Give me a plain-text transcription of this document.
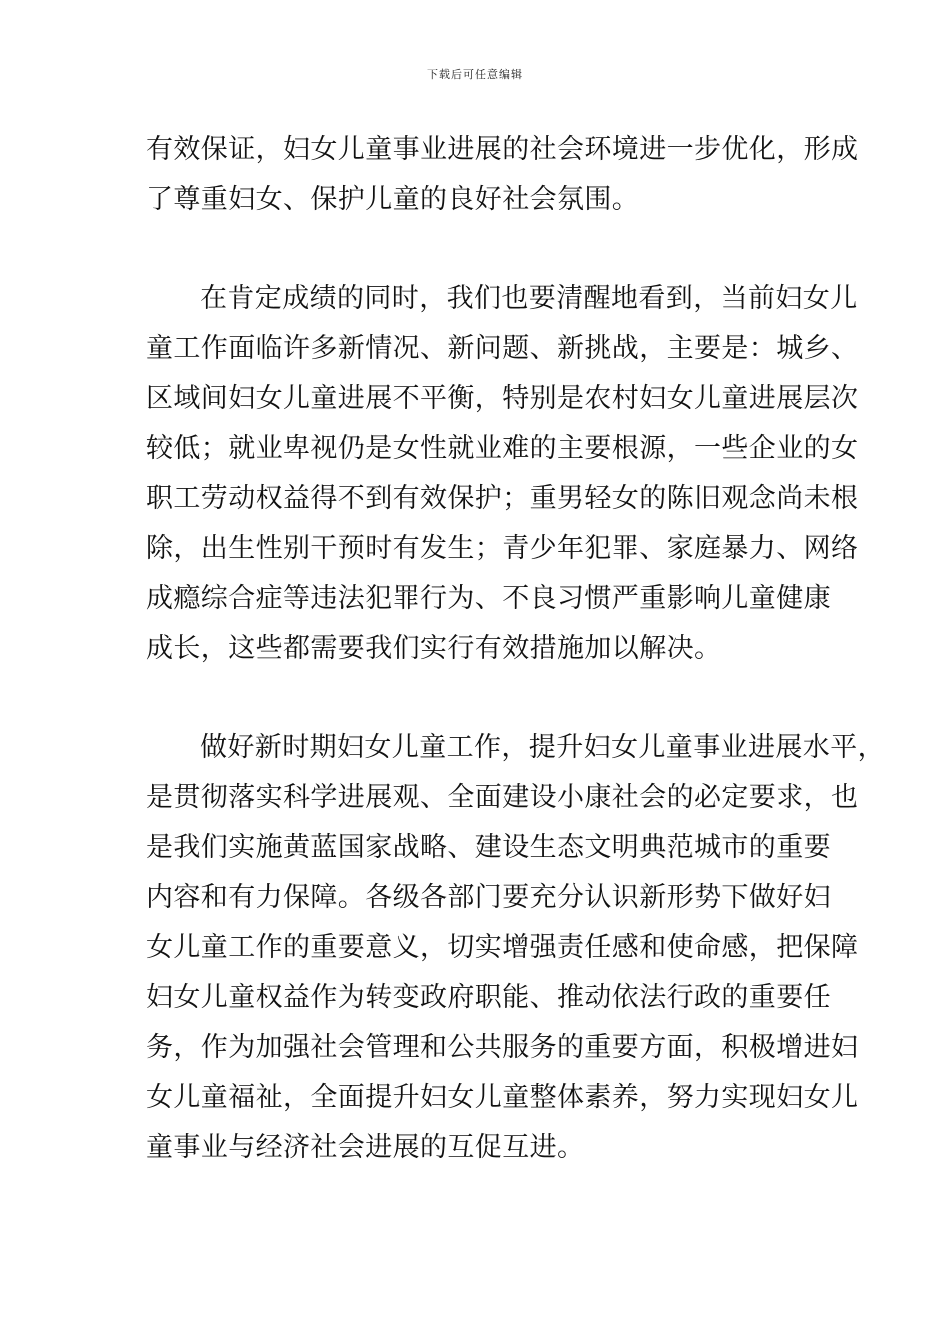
下载后可任意编辑
有效保证，妇女儿童事业进展的社会环境进一步优化，形成
了尊重妇女、保护儿童的良好社会氛围。
在肯定成绩的同时，我们也要清醒地看到，当前妇女儿
童工作面临许多新情况、新问题、新挑战，主要是：城乡、
区域间妇女儿童进展不平衡，特别是农村妇女儿童进展层次
较低；就业卑视仍是女性就业难的主要根源，一些企业的女
职工劳动权益得不到有效保护；重男轻女的陈旧观念尚未根
除，出生性别干预时有发生；青少年犯罪、家庭暴力、网络
成瘾综合症等违法犯罪行为、不良习惯严重影响儿童健康
成长，这些都需要我们实行有效措施加以解决。
做好新时期妇女儿童工作，提升妇女儿童事业进展水平，
是贯彻落实科学进展观、全面建设小康社会的必定要求，也
是我们实施黄蓝国家战略、建设生态文明典范城市的重要
内容和有力保障。各级各部门要充分认识新形势下做好妇
女儿童工作的重要意义，切实增强责任感和使命感，把保障
妇女儿童权益作为转变政府职能、推动依法行政的重要任
务，作为加强社会管理和公共服务的重要方面，积极增进妇
女儿童福祉，全面提升妇女儿童整体素养，努力实现妇女儿
童事业与经济社会进展的互促互进。
